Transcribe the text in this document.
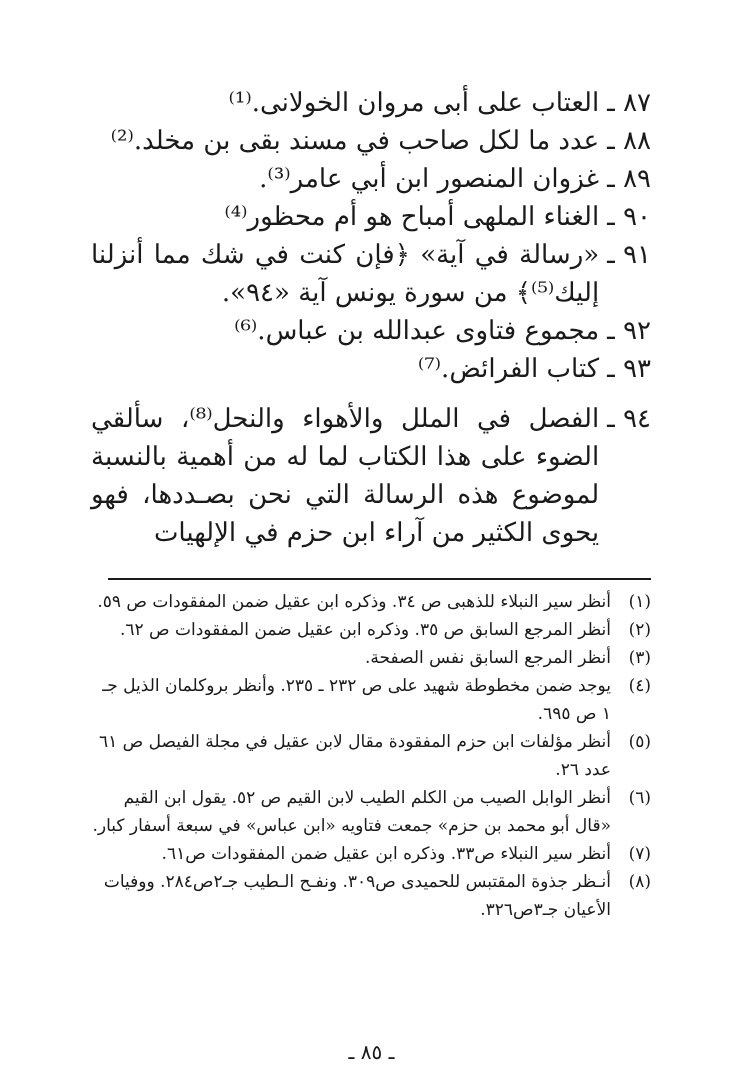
٨٧ ـ
العتاب على أبى مروان الخولانى.⁽¹⁾
٨٨ ـ
عدد ما لكل صاحب في مسند بقى بن مخلد.⁽²⁾
٨٩ ـ
غزوان المنصور ابن أبي عامر⁽³⁾.
٩٠ ـ
الغناء الملهى أمباح هو أم محظور⁽⁴⁾
٩١ ـ
«رسالة في آية» ﴿فإن كنت في شك مما أنزلنا إليك⁽⁵⁾﴾ من سورة يونس آية «٩٤».
٩٢ ـ
مجموع فتاوى عبدالله بن عباس.⁽⁶⁾
٩٣ ـ
كتاب الفرائض.⁽⁷⁾
٩٤ ـ
الفصل في الملل والأهواء والنحل⁽⁸⁾، سألقي الضوء على هذا الكتاب لما له من أهمية بالنسبة لموضوع هذه الرسالة التي نحن بصـددها، فهو يحوى الكثير من آراء ابن حزم في الإلهيات
(١)
أنظر سير النبلاء للذهبى ص ٣٤. وذكره ابن عقيل ضمن المفقودات ص ٥٩.
(٢)
أنظر المرجع السابق ص ٣٥. وذكره ابن عقيل ضمن المفقودات ص ٦٢.
(٣)
أنظر المرجع السابق نفس الصفحة.
(٤)
يوجد ضمن مخطوطة شهيد على ص ٢٣٢ ـ ٢٣٥. وأنظر بروكلمان الذيل جـ ١ ص ٦٩٥.
(٥)
أنظر مؤلفات ابن حزم المفقودة مقال لابن عقيل في مجلة الفيصل ص ٦١ عدد ٢٦.
(٦)
أنظر الوابل الصيب من الكلم الطيب لابن القيم ص ٥٢. يقول ابن القيم «قال أبو محمد بن حزم» جمعت فتاويه «ابن عباس» في سبعة أسفار كبار.
(٧)
أنظر سير النبلاء ص٣٣. وذكره ابن عقيل ضمن المفقودات ص٦١.
(٨)
أنـظر جذوة المقتبس للحميدى ص٣٠٩. ونفـح الـطيب جـ٢ص٢٨٤. ووفيات الأعيان جـ٣ص٣٢٦.
ـ ٨٥ ـ
